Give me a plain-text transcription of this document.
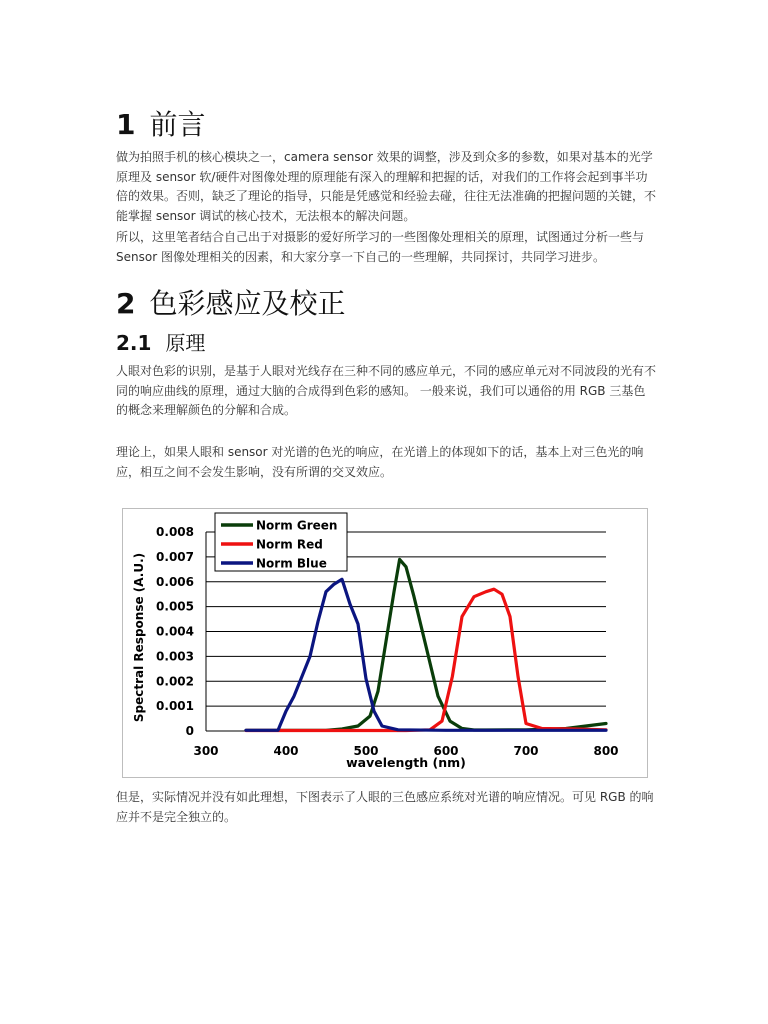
1 前言

做为拍照手机的核心模块之一，camera sensor 效果的调整，涉及到众多的参数，如果对基本的光学原理及 sensor 软/硬件对图像处理的原理能有深入的理解和把握的话，对我们的工作将会起到事半功倍的效果。否则，缺乏了理论的指导，只能是凭感觉和经验去碰，往往无法准确的把握问题的关键，不能掌握 sensor 调试的核心技术，无法根本的解决问题。

所以，这里笔者结合自己出于对摄影的爱好所学习的一些图像处理相关的原理，试图通过分析一些与 Sensor 图像处理相关的因素，和大家分享一下自己的一些理解，共同探讨，共同学习进步。

2 色彩感应及校正
2.1 原理

人眼对色彩的识别，是基于人眼对光线存在三种不同的感应单元，不同的感应单元对不同波段的光有不同的响应曲线的原理，通过大脑的合成得到色彩的感知。 一般来说，我们可以通俗的用 RGB 三基色的概念来理解颜色的分解和合成。

理论上，如果人眼和 sensor 对光谱的色光的响应，在光谱上的体现如下的话，基本上对三色光的响应，相互之间不会发生影响，没有所谓的交叉效应。

0
0.001
0.002
0.003
0.004
0.005
0.006
0.007
0.008
300	400	500	600	700	800
wavelength (nm)
Spectral Response (A.U.)
Norm Green
Norm Red
Norm Blue

但是，实际情况并没有如此理想，下图表示了人眼的三色感应系统对光谱的响应情况。可见 RGB 的响应并不是完全独立的。
